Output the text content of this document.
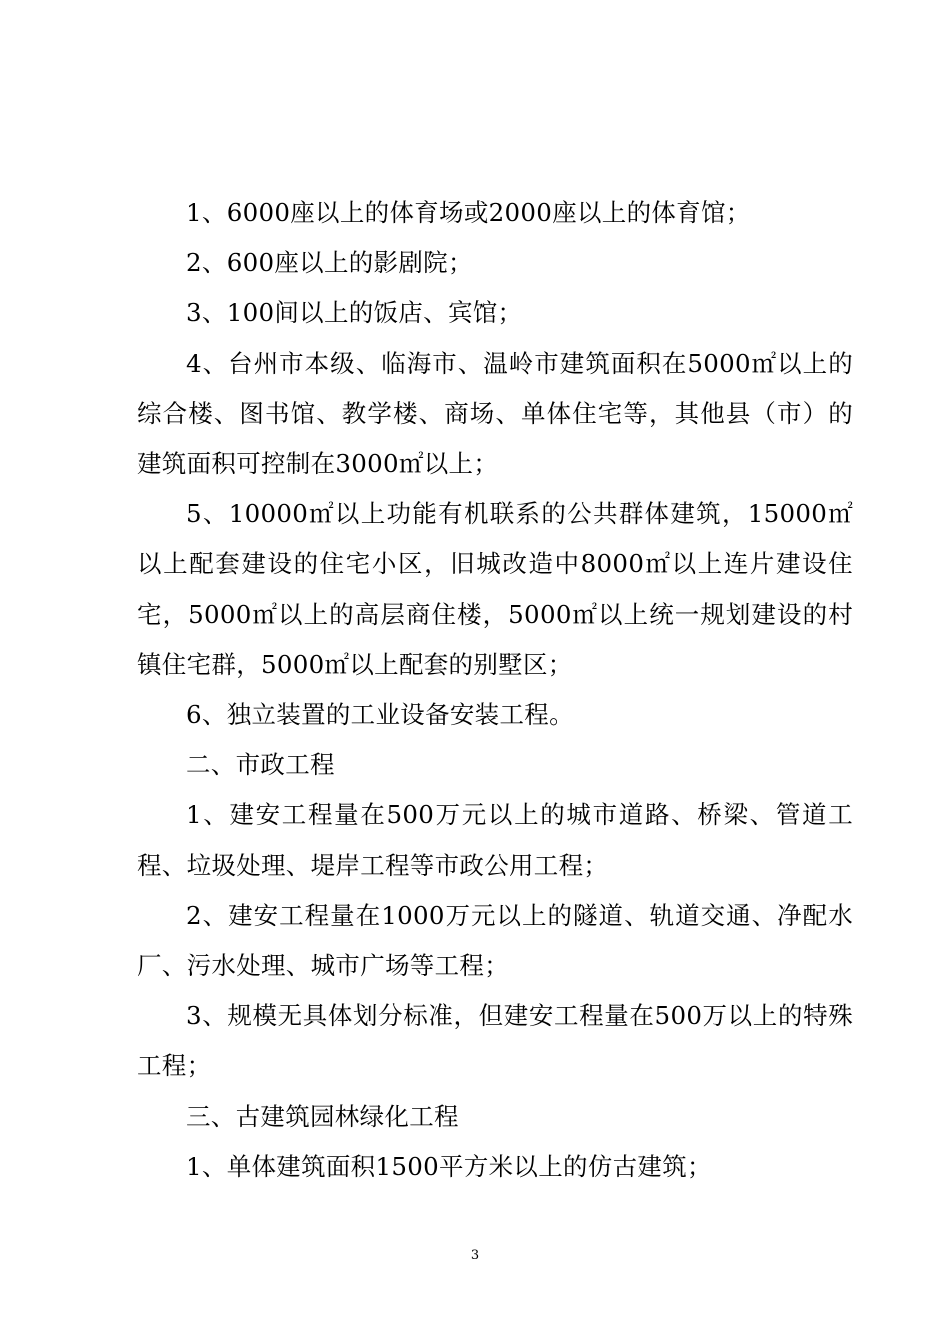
1、6000座以上的体育场或2000座以上的体育馆；

2、600座以上的影剧院；

3、100间以上的饭店、宾馆；

4、台州市本级、临海市、温岭市建筑面积在5000㎡以上的综合楼、图书馆、教学楼、商场、单体住宅等，其他县（市）的建筑面积可控制在3000㎡以上；

5、10000㎡以上功能有机联系的公共群体建筑，15000㎡以上配套建设的住宅小区，旧城改造中8000㎡以上连片建设住宅，5000㎡以上的高层商住楼，5000㎡以上统一规划建设的村镇住宅群，5000㎡以上配套的别墅区；

6、独立装置的工业设备安装工程。

二、市政工程

1、建安工程量在500万元以上的城市道路、桥梁、管道工程、垃圾处理、堤岸工程等市政公用工程；

2、建安工程量在1000万元以上的隧道、轨道交通、净配水厂、污水处理、城市广场等工程；

3、规模无具体划分标准，但建安工程量在500万以上的特殊工程；

三、古建筑园林绿化工程

1、单体建筑面积1500平方米以上的仿古建筑；

3
